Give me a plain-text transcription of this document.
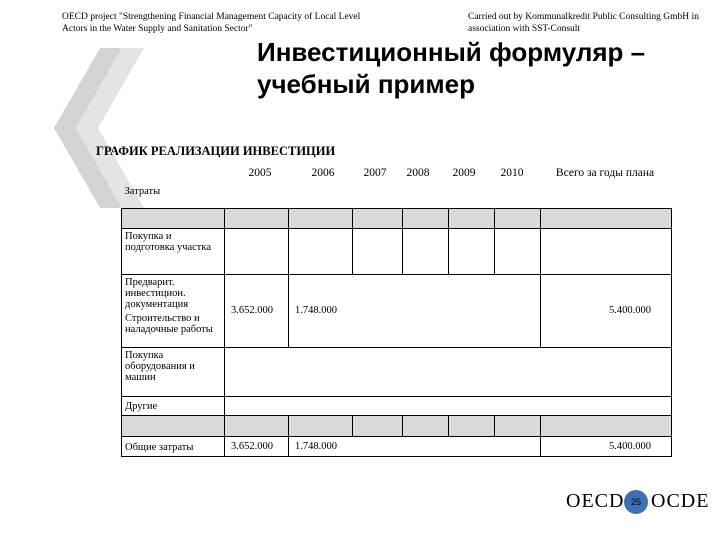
OECD project "Strengthening Financial Management Capacity of Local Level Actors in the Water Supply and Sanitation Sector"
Carried out by Kommunalkredit Public Consulting GmbH in association with SST-Consult
Инвестиционный формуляр – учебный пример
ГРАФИК РЕАЛИЗАЦИИ ИНВЕСТИЦИИ
2005	2006	2007	2008	2009	2010	Всего за годы плана
Затраты							

Покупка и подготовка участка							
Предварит. инвестицион. документация	3.652.000	1.748.000					5.400.000
Строительство и наладочные работы							
Покупка оборудования и машин							
Другие							

Общие затраты	3.652.000	1.748.000					5.400.000
OECD 25 OCDE
